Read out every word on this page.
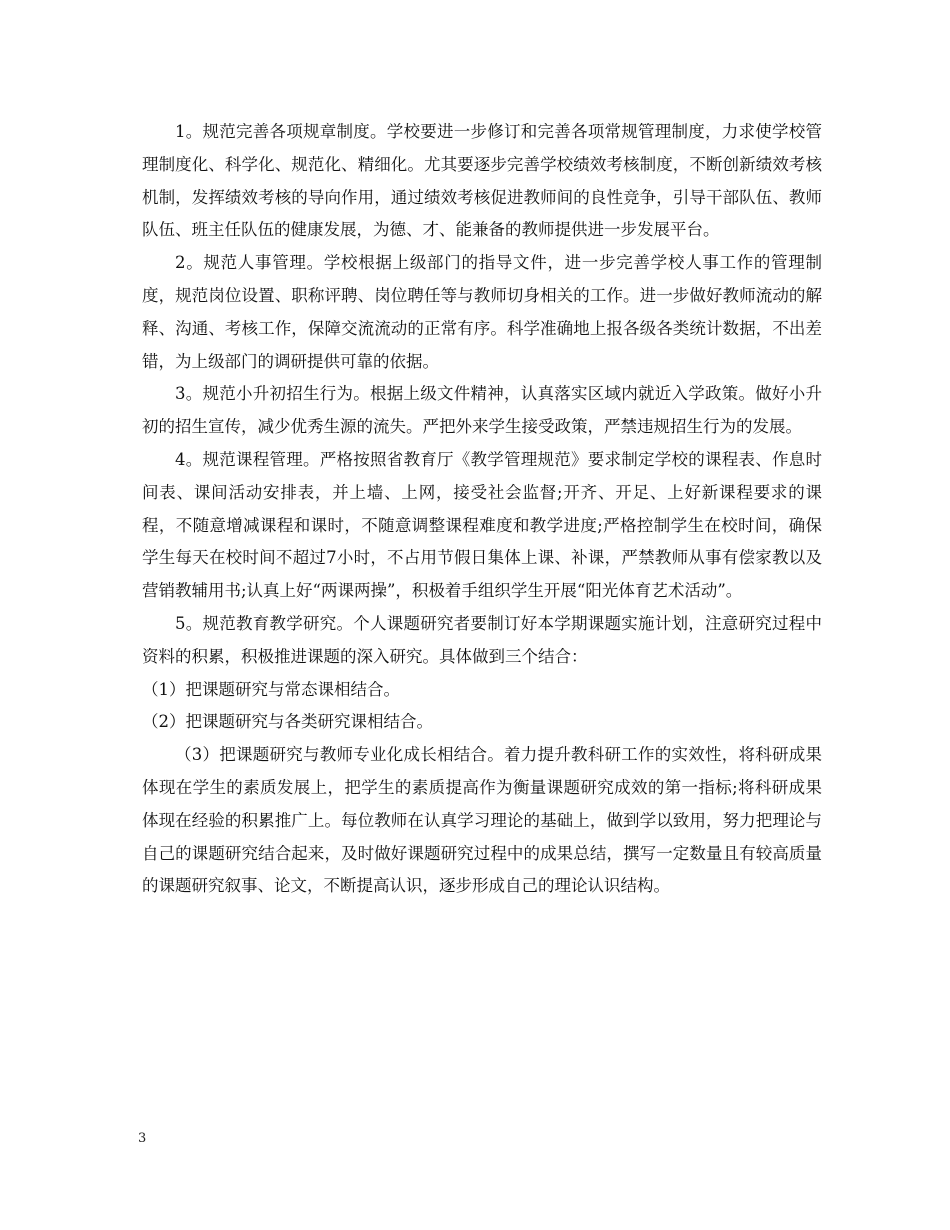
1。规范完善各项规章制度。学校要进一步修订和完善各项常规管理制度，力求使学校管理制度化、科学化、规范化、精细化。尤其要逐步完善学校绩效考核制度，不断创新绩效考核机制，发挥绩效考核的导向作用，通过绩效考核促进教师间的良性竞争，引导干部队伍、教师队伍、班主任队伍的健康发展，为德、才、能兼备的教师提供进一步发展平台。

2。规范人事管理。学校根据上级部门的指导文件，进一步完善学校人事工作的管理制度，规范岗位设置、职称评聘、岗位聘任等与教师切身相关的工作。进一步做好教师流动的解释、沟通、考核工作，保障交流流动的正常有序。科学准确地上报各级各类统计数据，不出差错，为上级部门的调研提供可靠的依据。

3。规范小升初招生行为。根据上级文件精神，认真落实区域内就近入学政策。做好小升初的招生宣传，减少优秀生源的流失。严把外来学生接受政策，严禁违规招生行为的发展。

4。规范课程管理。严格按照省教育厅《教学管理规范》要求制定学校的课程表、作息时间表、课间活动安排表，并上墙、上网，接受社会监督;开齐、开足、上好新课程要求的课程，不随意增减课程和课时，不随意调整课程难度和教学进度;严格控制学生在校时间，确保学生每天在校时间不超过7小时，不占用节假日集体上课、补课，严禁教师从事有偿家教以及营销教辅用书;认真上好“两课两操”，积极着手组织学生开展“阳光体育艺术活动”。

5。规范教育教学研究。个人课题研究者要制订好本学期课题实施计划，注意研究过程中资料的积累，积极推进课题的深入研究。具体做到三个结合：

（1）把课题研究与常态课相结合。

（2）把课题研究与各类研究课相结合。

（3）把课题研究与教师专业化成长相结合。着力提升教科研工作的实效性，将科研成果体现在学生的素质发展上，把学生的素质提高作为衡量课题研究成效的第一指标;将科研成果体现在经验的积累推广上。每位教师在认真学习理论的基础上，做到学以致用，努力把理论与自己的课题研究结合起来，及时做好课题研究过程中的成果总结，撰写一定数量且有较高质量的课题研究叙事、论文，不断提高认识，逐步形成自己的理论认识结构。

3
